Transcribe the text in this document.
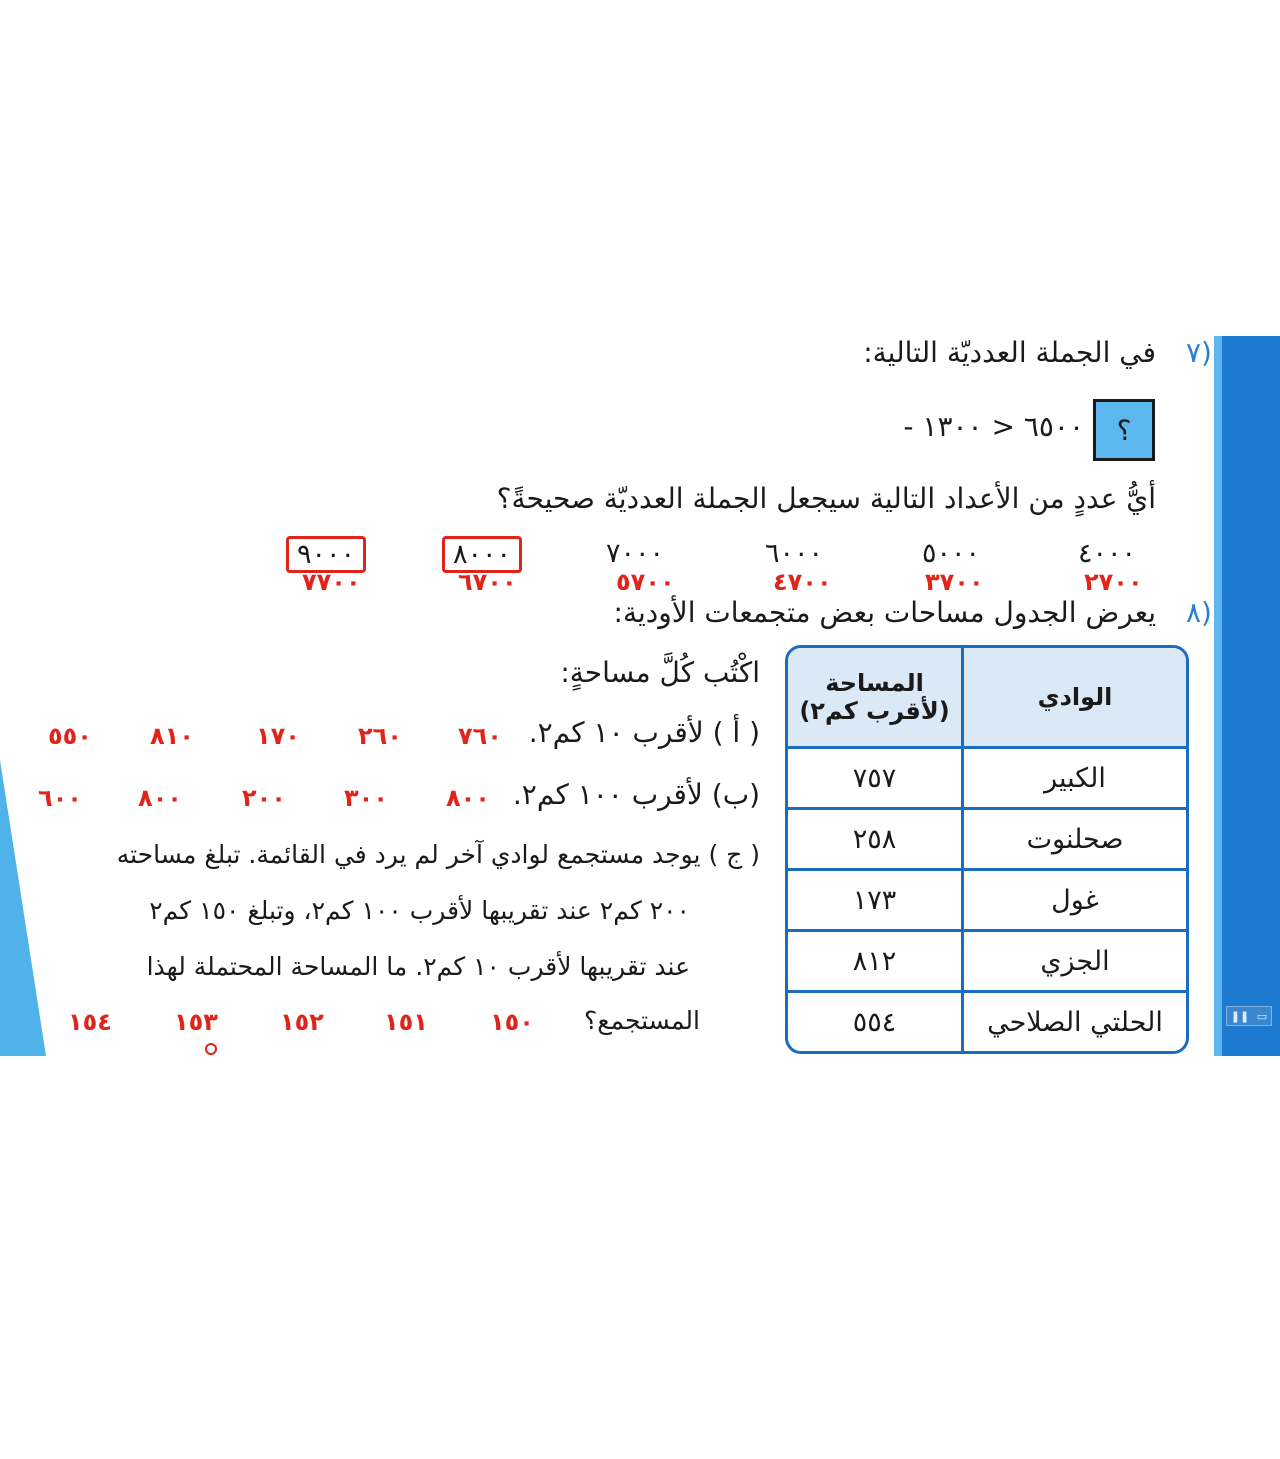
٧)
في الجملة العدديّة التالية:
؟
٦٥٠٠ < ١٣٠٠ -
أيُّ عددٍ من الأعداد التالية سيجعل الجملة العدديّة صحيحةً؟
٤٠٠٠
٥٠٠٠
٦٠٠٠
٧٠٠٠
٨٠٠٠
٩٠٠٠
٢٧٠٠
٣٧٠٠
٤٧٠٠
٥٧٠٠
٦٧٠٠
٧٧٠٠
٨)
يعرض الجدول مساحات بعض متجمعات الأودية:
الوادي	المساحة
(لأقرب كم٢)

الكبير	٧٥٧
صحلنوت	٢٥٨
غول	١٧٣
الجزي	٨١٢
الحلتي الصلاحي	٥٥٤
اكْتُب كُلَّ مساحةٍ:
( أ ) لأقرب ١٠ كم٢.
٧٦٠
٢٦٠
١٧٠
٨١٠
٥٥٠
(ب) لأقرب ١٠٠ كم٢.
٨٠٠
٣٠٠
٢٠٠
٨٠٠
٦٠٠
( ج ) يوجد مستجمع لوادي آخر لم يرد في القائمة. تبلغ مساحته
٢٠٠ كم٢ عند تقريبها لأقرب ١٠٠ كم٢، وتبلغ ١٥٠ كم٢
عند تقريبها لأقرب ١٠ كم٢. ما المساحة المحتملة لهذا
المستجمع؟
١٥٠
١٥١
١٥٢
١٥٣
١٥٤	❚❚ ▭
